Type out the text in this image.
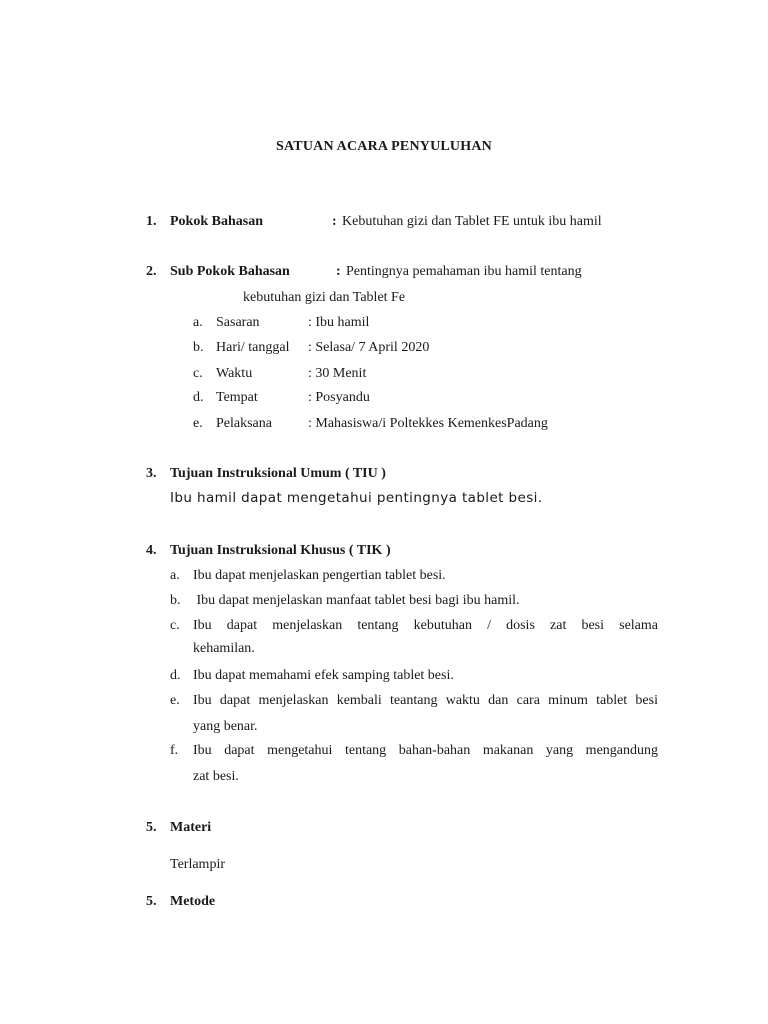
SATUAN ACARA PENYULUHAN
1. Pokok Bahasan	: Kebutuhan gizi dan Tablet FE untuk ibu hamil
2. Sub Pokok Bahasan	: Pentingnya pemahaman ibu hamil tentang
kebutuhan gizi dan Tablet Fe
a. Sasaran	: Ibu hamil
b. Hari/ tanggal : Selasa/ 7 April 2020
c. Waktu	: 30 Menit
d. Tempat	: Posyandu
e. Pelaksana	: Mahasiswa/i Poltekkes KemenkesPadang
3. Tujuan Instruksional Umum ( TIU )
Ibu hamil dapat mengetahui pentingnya tablet besi.
4. Tujuan Instruksional Khusus ( TIK )
a. Ibu dapat menjelaskan pengertian tablet besi.
b. Ibu dapat menjelaskan manfaat tablet besi bagi ibu hamil.
c. Ibu dapat menjelaskan tentang kebutuhan / dosis zat besi selama
kehamilan.
d. Ibu dapat memahami efek samping tablet besi.
e. Ibu dapat menjelaskan kembali teantang waktu dan cara minum tablet besi
yang benar.
f. Ibu dapat mengetahui tentang bahan-bahan makanan yang mengandung
zat besi.
5. Materi
Terlampir
5. Metode
